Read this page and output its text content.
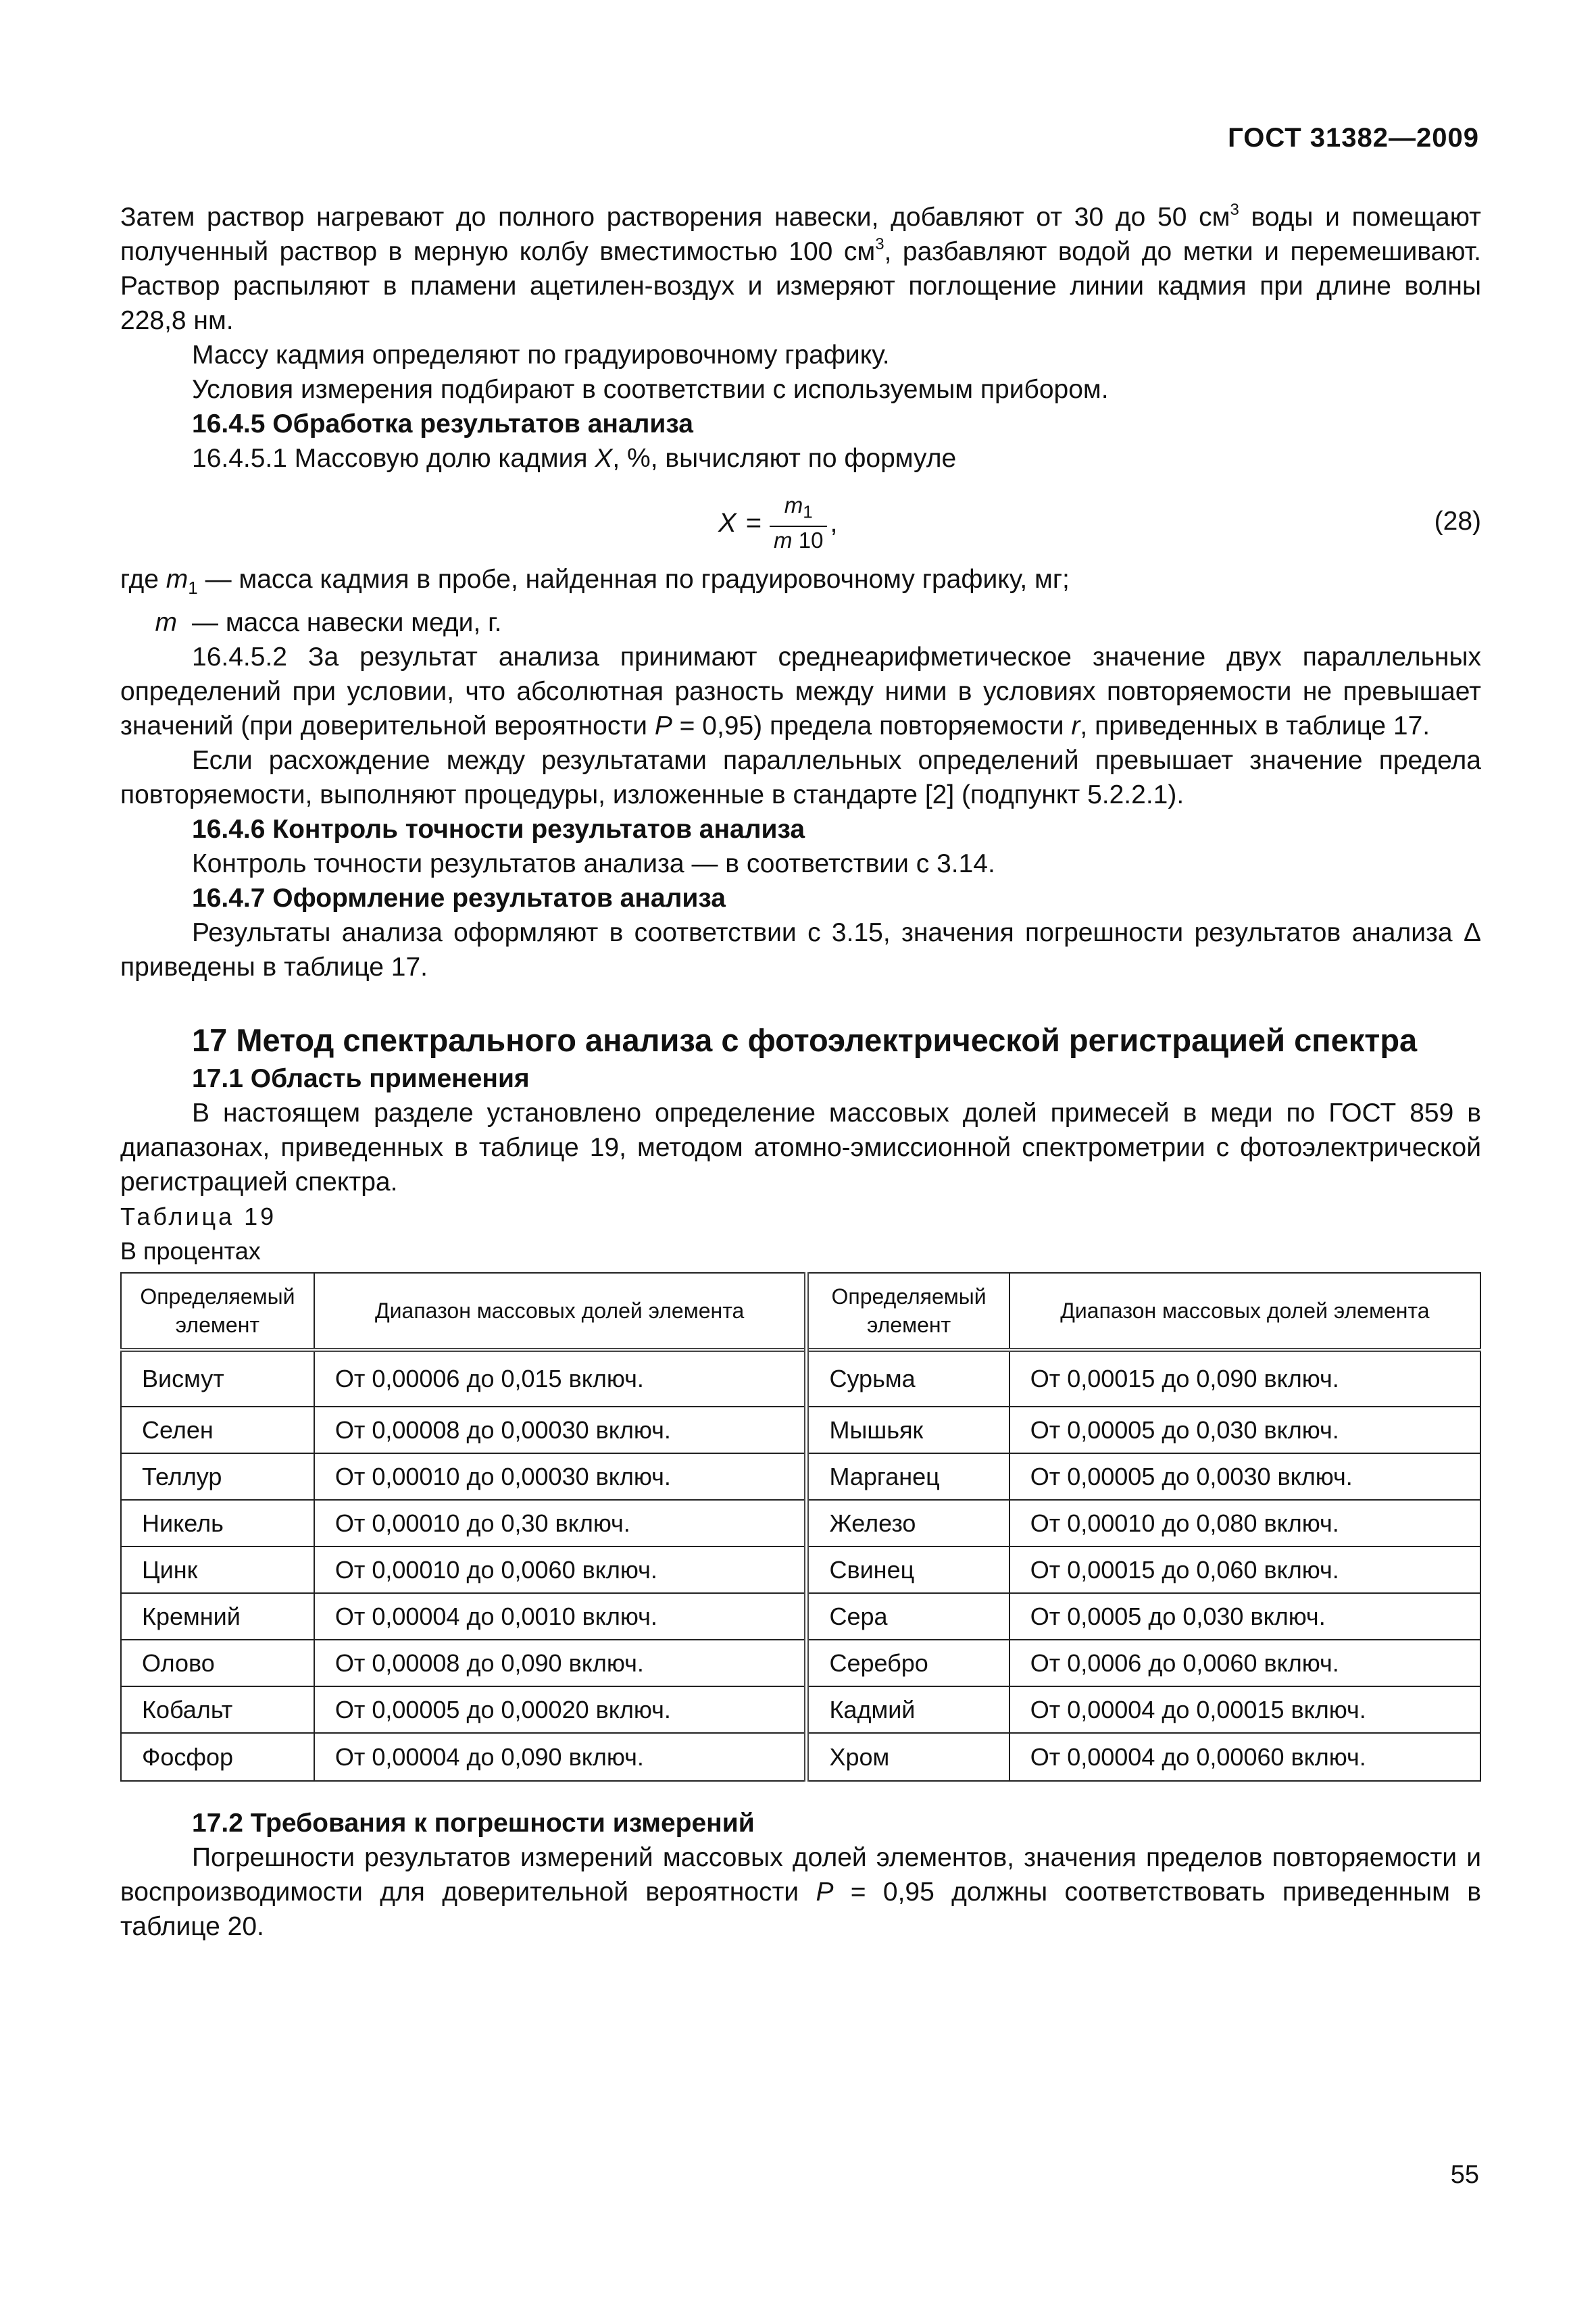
ГОСТ 31382—2009

Затем раствор нагревают до полного растворения навески, добавляют от 30 до 50 $см^3$ воды и помещают полученный раствор в мерную колбу вместимостью 100 $см^3$, разбавляют водой до метки и перемешивают. Раствор распыляют в пламени ацетилен-воздух и измеряют поглощение линии кадмия при длине волны 228,8 нм.

Массу кадмия определяют по градуировочному графику.

Условия измерения подбирают в соответствии с используемым прибором.

16.4.5 Обработка результатов анализа

16.4.5.1 Массовую долю кадмия X, %, вычисляют по формуле

$X = \frac{m_1}{m 10}$ ,	(28)

где $m_1$ — масса кадмия в пробе, найденная по градуировочному графику, мг;

m — масса навески меди, г.

16.4.5.2 За результат анализа принимают среднеарифметическое значение двух параллельных определений при условии, что абсолютная разность между ними в условиях повторяемости не превышает значений (при доверительной вероятности P = 0,95) предела повторяемости r, приведенных в таблице 17.

Если расхождение между результатами параллельных определений превышает значение предела повторяемости, выполняют процедуры, изложенные в стандарте [2] (подпункт 5.2.2.1).

16.4.6 Контроль точности результатов анализа

Контроль точности результатов анализа — в соответствии с 3.14.

16.4.7 Оформление результатов анализа

Результаты анализа оформляют в соответствии с 3.15, значения погрешности результатов анализа Δ приведены в таблице 17.

17 Метод спектрального анализа с фотоэлектрической регистрацией спектра

17.1 Область применения

В настоящем разделе установлено определение массовых долей примесей в меди по ГОСТ 859 в диапазонах, приведенных в таблице 19, методом атомно-эмиссионной спектрометрии с фотоэлектрической регистрацией спектра.

Таблица 19

В процентах

Определяемый элемент	Диапазон массовых долей элемента	Определяемый элемент	Диапазон массовых долей элемента
Висмут	От 0,00006 до 0,015 включ.	Сурьма	От 0,00015 до 0,090 включ.
Селен	От 0,00008 до 0,00030 включ.	Мышьяк	От 0,00005 до 0,030 включ.
Теллур	От 0,00010 до 0,00030 включ.	Марганец	От 0,00005 до 0,0030 включ.
Никель	От 0,00010 до 0,30 включ.	Железо	От 0,00010 до 0,080 включ.
Цинк	От 0,00010 до 0,0060 включ.	Свинец	От 0,00015 до 0,060 включ.
Кремний	От 0,00004 до 0,0010 включ.	Сера	От 0,0005 до 0,030 включ.
Олово	От 0,00008 до 0,090 включ.	Серебро	От 0,0006 до 0,0060 включ.
Кобальт	От 0,00005 до 0,00020 включ.	Кадмий	От 0,00004 до 0,00015 включ.
Фосфор	От 0,00004 до 0,090 включ.	Хром	От 0,00004 до 0,00060 включ.

17.2 Требования к погрешности измерений

Погрешности результатов измерений массовых долей элементов, значения пределов повторяемости и воспроизводимости для доверительной вероятности P = 0,95 должны соответствовать приведенным в таблице 20.

55
